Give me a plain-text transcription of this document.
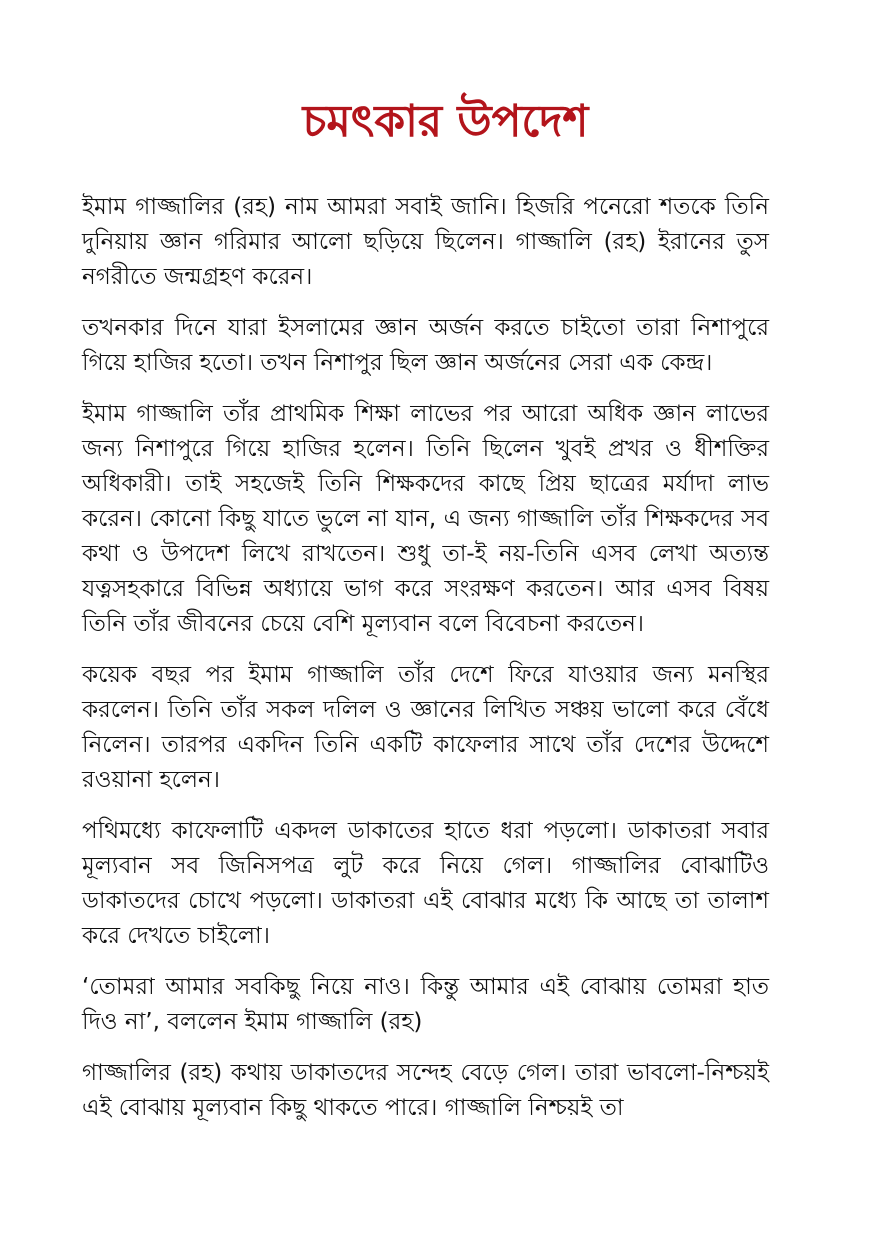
চমৎকার উপদেশ

ইমাম গাজ্জালির (রহ) নাম আমরা সবাই জানি। হিজরি পনেরো শতকে তিনি দুনিয়ায় জ্ঞান গরিমার আলো ছড়িয়ে ছিলেন। গাজ্জালি (রহ) ইরানের তুস নগরীতে জন্মগ্রহণ করেন।

তখনকার দিনে যারা ইসলামের জ্ঞান অর্জন করতে চাইতো তারা নিশাপুরে গিয়ে হাজির হতো। তখন নিশাপুর ছিল জ্ঞান অর্জনের সেরা এক কেন্দ্র।

ইমাম গাজ্জালি তাঁর প্রাথমিক শিক্ষা লাভের পর আরো অধিক জ্ঞান লাভের জন্য নিশাপুরে গিয়ে হাজির হলেন। তিনি ছিলেন খুবই প্রখর ও ধীশক্তির অধিকারী। তাই সহজেই তিনি শিক্ষকদের কাছে প্রিয় ছাত্রের মর্যাদা লাভ করেন। কোনো কিছু যাতে ভুলে না যান, এ জন্য গাজ্জালি তাঁর শিক্ষকদের সব কথা ও উপদেশ লিখে রাখতেন। শুধু তা-ই নয়-তিনি এসব লেখা অত্যন্ত যত্নসহকারে বিভিন্ন অধ্যায়ে ভাগ করে সংরক্ষণ করতেন। আর এসব বিষয় তিনি তাঁর জীবনের চেয়ে বেশি মূল্যবান বলে বিবেচনা করতেন।

কয়েক বছর পর ইমাম গাজ্জালি তাঁর দেশে ফিরে যাওয়ার জন্য মনস্থির করলেন। তিনি তাঁর সকল দলিল ও জ্ঞানের লিখিত সঞ্চয় ভালো করে বেঁধে নিলেন। তারপর একদিন তিনি একটি কাফেলার সাথে তাঁর দেশের উদ্দেশে রওয়ানা হলেন।

পথিমধ্যে কাফেলাটি একদল ডাকাতের হাতে ধরা পড়লো। ডাকাতরা সবার মূল্যবান সব জিনিসপত্র লুট করে নিয়ে গেল। গাজ্জালির বোঝাটিও ডাকাতদের চোখে পড়লো। ডাকাতরা এই বোঝার মধ্যে কি আছে তা তালাশ করে দেখতে চাইলো।

‘তোমরা আমার সবকিছু নিয়ে নাও। কিন্তু আমার এই বোঝায় তোমরা হাত দিও না’, বললেন ইমাম গাজ্জালি (রহ)

গাজ্জালির (রহ) কথায় ডাকাতদের সন্দেহ বেড়ে গেল। তারা ভাবলো-নিশ্চয়ই এই বোঝায় মূল্যবান কিছু থাকতে পারে। গাজ্জালি নিশ্চয়ই তা
